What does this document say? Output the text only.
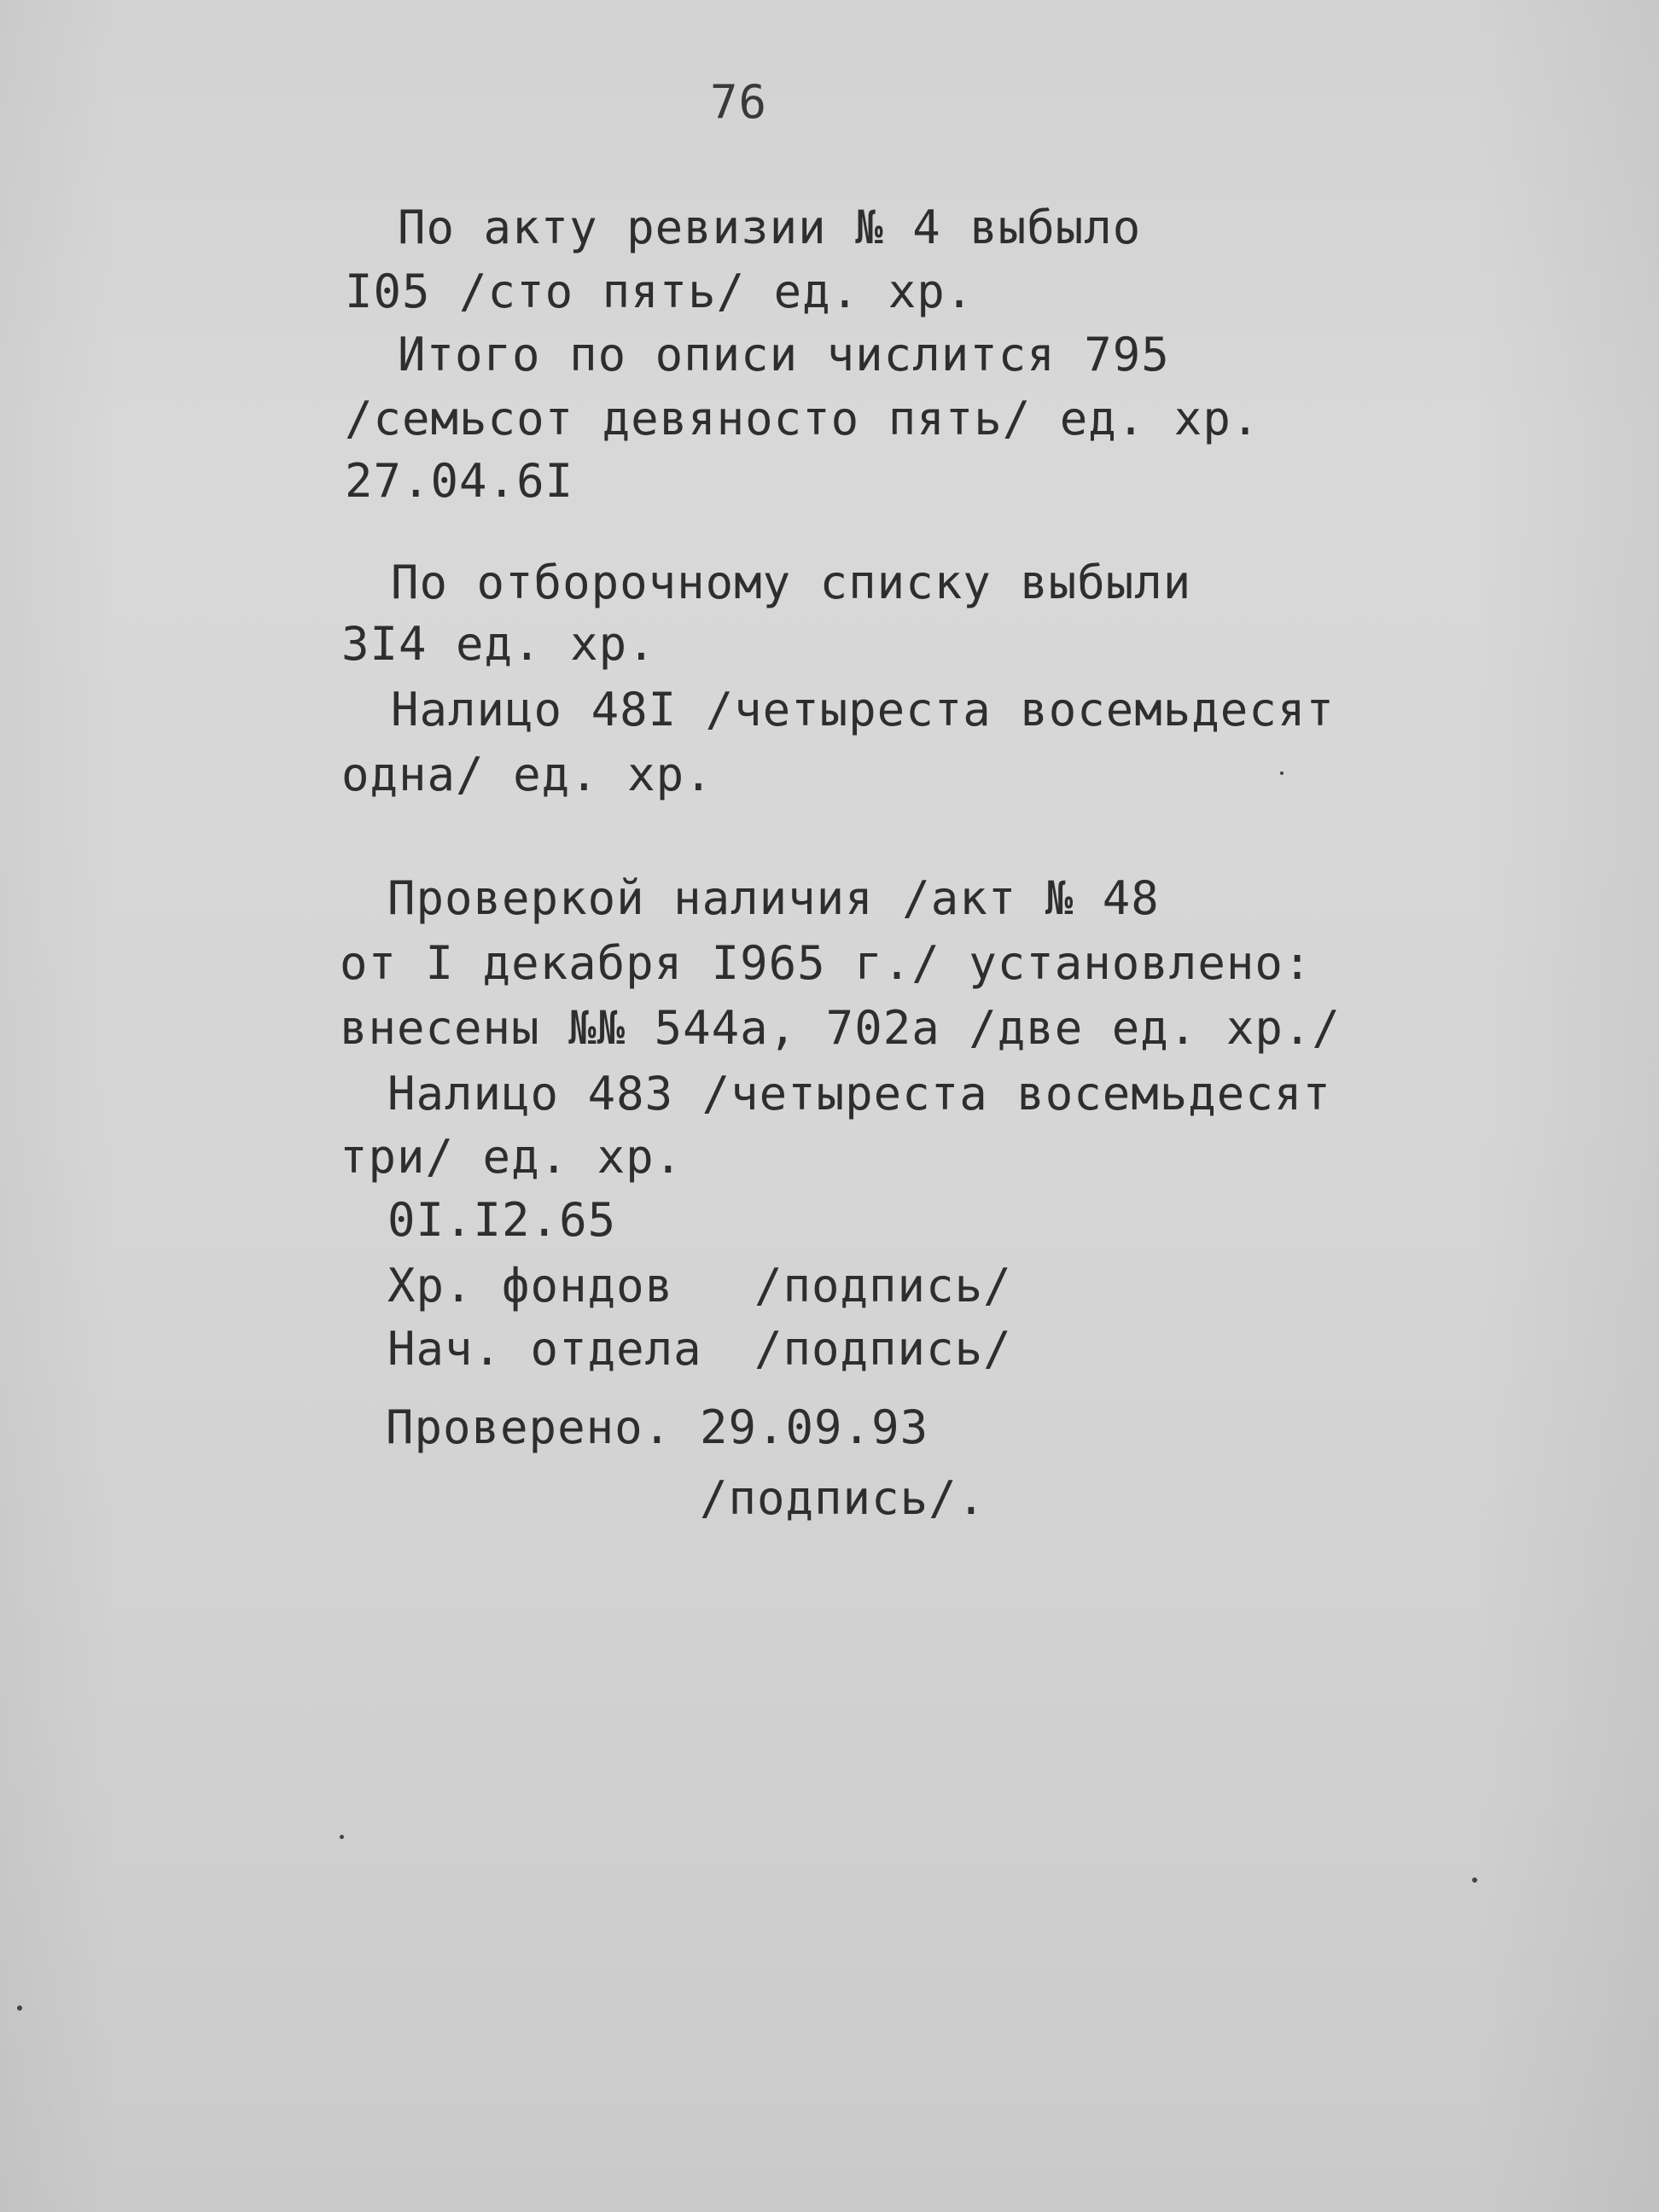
76

По акту ревизии № 4 выбыло

I05 /сто пять/ ед. хр.

Итого по описи числится 795

/семьсот девяносто пять/ ед. хр.

27.04.6I

По отборочному списку выбыли

3I4 ед. хр.

Налицо 48I /четыреста восемьдесят

одна/ ед. хр.

Проверкой наличия /акт № 48

от I декабря I965 г./ установлено:

внесены №№ 544а, 702а /две ед. хр./

Налицо 483 /четыреста восемьдесят

три/ ед. хр.

0I.I2.65

Хр. фондов /подпись/

Нач. отдела /подпись/

Проверено. 29.09.93

/подпись/.
